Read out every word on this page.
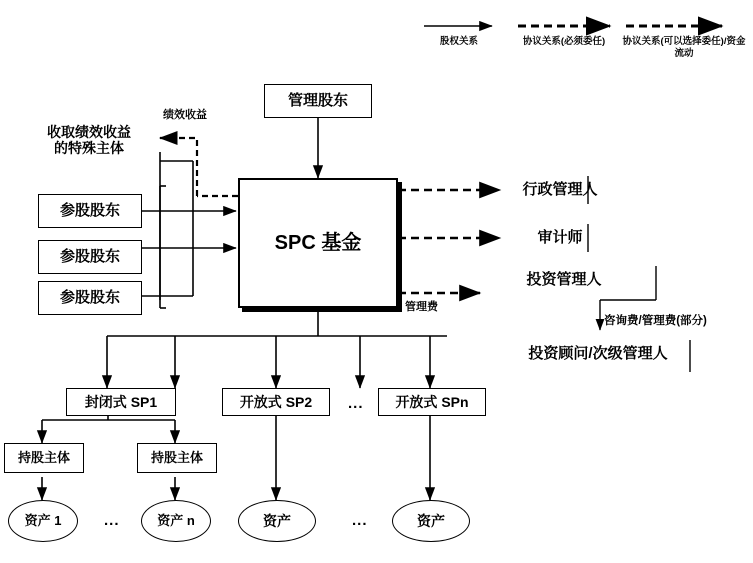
股权关系	协议关系(必须委任)	协议关系(可以选择委任)/资金流动
管理股东
收取绩效收益
的特殊主体
参股股东
参股股东
参股股东
SPC 基金
行政管理人
审计师
投资管理人
投资顾问/次级管理人
封闭式 SP1	开放式 SP2	开放式 SPn
...
持股主体	持股主体
资产 1	...	资产 n	资产	...	资产
绩效收益
管理费
咨询费/管理费(部分)
